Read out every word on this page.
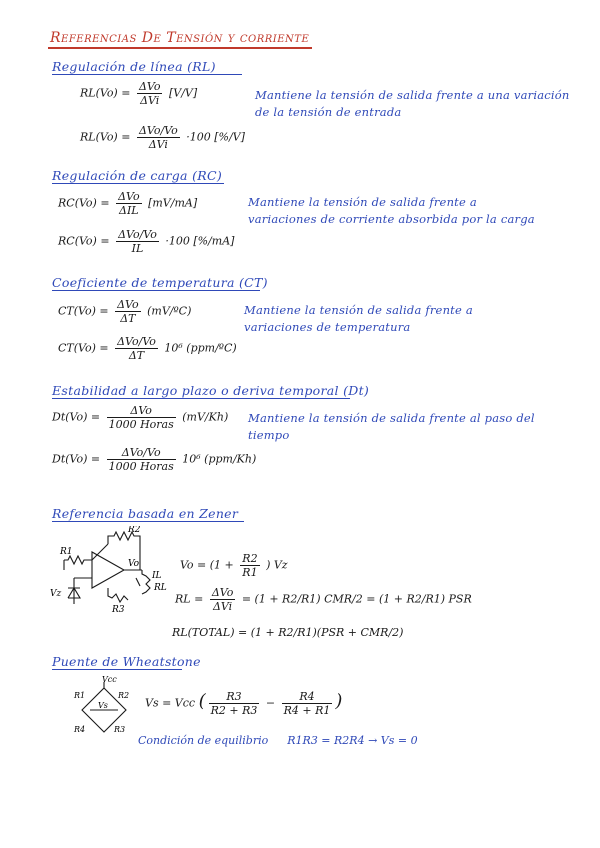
Referencias De Tensión y corriente
Regulación de línea (RL)
$RL(Vo) = \frac{\text{ΔVo}}{\text{ΔVi}} [V/V]$
$RL(Vo) = \frac{\text{ΔVo/Vo}}{\text{ΔVi}} \cdot 100$ [%/V]
Mantiene la tensión de salida frente a una variación de la tensión de entrada
Regulación de carga (RC)
$RC(Vo) = \frac{\text{ΔVo}}{\text{ΔIL}} [mV/mA]$
$RC(Vo) = \frac{\text{ΔVo/Vo}}{IL} \cdot 100$ [%/mA]
Mantiene la tensión de salida frente a variaciones de corriente absorbida por la carga
Coeficiente de temperatura (CT)
$CT(Vo) = \frac{\text{ΔVo}}{\Delta T}$ (mV/ºC)
$CT(Vo) = \frac{\text{ΔVo/Vo}}{\Delta T} 10^6$ (ppm/ºC)
Mantiene la tensión de salida frente a variaciones de temperatura
Estabilidad a largo plazo o deriva temporal (Dt)
$Dt(Vo) = \frac{\text{ΔVo}}{\text{1000 Horas}} (mV/Kh)$
$Dt(Vo) = \frac{\text{ΔVo/Vo}}{\text{1000 Horas}} 10^6$ (ppm/Kh)
Mantiene la tensión de salida frente al paso del tiempo
Referencia basada en Zener
R1
R2
R3
Vz
Vo
IL
RL
$Vo = (1 + \frac{R2}{R1}$ ) Vz
RL = $\frac{\text{ΔVo}}{\text{ΔVi}} = (1 + R2/R1) CMR/2 = (1 + R2/R1)$ PSR
RL(TOTAL) = (1 + R2/R1)(PSR + CMR/2)
Puente de Wheatstone
Vcc
R1	R2
R3
R4
Vs	Vs = Vcc ( $\frac{R3}{R2 + R3} - \frac{R4}{R4 + R1}$ )
Condición de equilibrio R1R3 = R2R4 → Vs = 0
